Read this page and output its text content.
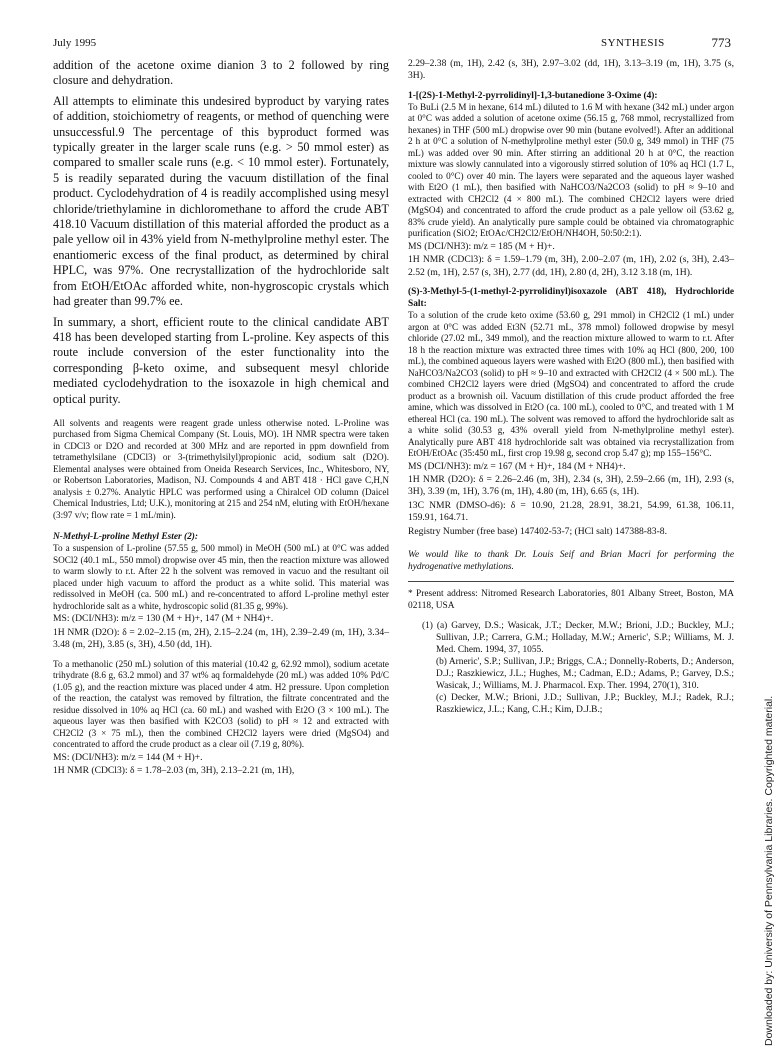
July 1995	SYNTHESIS	773

addition of the acetone oxime dianion 3 to 2 followed by ring closure and dehydration.

All attempts to eliminate this undesired byproduct by varying rates of addition, stoichiometry of reagents, or method of quenching were unsuccessful.9 The percentage of this byproduct formed was typically greater in the larger scale runs (e.g. > 50 mmol ester) as compared to smaller scale runs (e.g. < 10 mmol ester). Fortunately, 5 is readily separated during the vacuum distillation of the final product. Cyclodehydration of 4 is readily accomplished using mesyl chloride/triethylamine in dichloromethane to afford the crude ABT 418.10 Vacuum distillation of this material afforded the product as a pale yellow oil in 43% yield from N-methylproline methyl ester. The enantiomeric excess of the final product, as determined by chiral HPLC, was 97%. One recrystallization of the hydrochloride salt from EtOH/EtOAc afforded white, non-hygroscopic crystals which had greater than 99.7% ee.

In summary, a short, efficient route to the clinical candidate ABT 418 has been developed starting from L-proline. Key aspects of this route include conversion of the ester functionality into the corresponding β-keto oxime, and subsequent mesyl chloride mediated cyclodehydration to the isoxazole in high chemical and optical purity.

All solvents and reagents were reagent grade unless otherwise noted. L-Proline was purchased from Sigma Chemical Company (St. Louis, MO). 1H NMR spectra were taken in CDCl3 or D2O and recorded at 300 MHz and are reported in ppm downfield from tetramethylsilane (CDCl3) or 3-(trimethylsilyl)propionic acid, sodium salt (D2O). Elemental analyses were obtained from Oneida Research Services, Inc., Whitesboro, NY, or Robertson Laboratories, Madison, NJ. Compounds 4 and ABT 418 · HCl gave C,H,N analysis ± 0.27%. Analytic HPLC was performed using a Chiralcel OD column (Daicel Chemical Industries, Ltd; U.K.), monitoring at 215 and 254 nM, eluting with EtOH/hexane (3:97 v/v; flow rate = 1 mL/min).

N-Methyl-L-proline Methyl Ester (2):

To a suspension of L-proline (57.55 g, 500 mmol) in MeOH (500 mL) at 0°C was added SOCl2 (40.1 mL, 550 mmol) dropwise over 45 min, then the reaction mixture was allowed to warm slowly to r.t. After 22 h the solvent was removed in vacuo and the resultant oil placed under high vacuum to afford the product as a white solid. This material was redissolved in MeOH (ca. 500 mL) and re-concentrated to afford L-proline methyl ester hydrochloride salt as a white, hydroscopic solid (81.35 g, 99%).

MS: (DCI/NH3): m/z = 130 (M + H)+, 147 (M + NH4)+.

1H NMR (D2O): δ = 2.02–2.15 (m, 2H), 2.15–2.24 (m, 1H), 2.39–2.49 (m, 1H), 3.34–3.48 (m, 2H), 3.85 (s, 3H), 4.50 (dd, 1H).

To a methanolic (250 mL) solution of this material (10.42 g, 62.92 mmol), sodium acetate trihydrate (8.6 g, 63.2 mmol) and 37 wt% aq formaldehyde (20 mL) was added 10% Pd/C (1.05 g), and the reaction mixture was placed under 4 atm. H2 pressure. Upon completion of the reaction, the catalyst was removed by filtration, the filtrate concentrated and the residue dissolved in 10% aq HCl (ca. 60 mL) and washed with Et2O (3 × 100 mL). The aqueous layer was then basified with K2CO3 (solid) to pH ≈ 12 and extracted with CH2Cl2 (3 × 75 mL), then the combined CH2Cl2 layers were dried (MgSO4) and concentrated to afford the crude product as a clear oil (7.19 g, 80%).

MS: (DCI/NH3): m/z = 144 (M + H)+.

1H NMR (CDCl3): δ = 1.78–2.03 (m, 3H), 2.13–2.21 (m, 1H),

2.29–2.38 (m, 1H), 2.42 (s, 3H), 2.97–3.02 (dd, 1H), 3.13–3.19 (m, 1H), 3.75 (s, 3H).

1-[(2S)-1-Methyl-2-pyrrolidinyl]-1,3-butanedione 3-Oxime (4):

To BuLi (2.5 M in hexane, 614 mL) diluted to 1.6 M with hexane (342 mL) under argon at 0°C was added a solution of acetone oxime (56.15 g, 768 mmol, recrystallized from hexanes) in THF (500 mL) dropwise over 90 min (butane evolved!). After an additional 2 h at 0°C a solution of N-methylproline methyl ester (50.0 g, 349 mmol) in THF (75 mL) was added over 90 min. After stirring an additional 20 h at 0°C, the reaction mixture was slowly cannulated into a vigorously stirred solution of 10% aq HCl (1.7 L, cooled to 0°C) over 40 min. The layers were separated and the aqueous layer washed with Et2O (1 mL), then basified with NaHCO3/Na2CO3 (solid) to pH ≈ 9–10 and extracted with CH2Cl2 (4 × 800 mL). The combined CH2Cl2 layers were dried (MgSO4) and concentrated to afford the crude product as a pale yellow oil (53.62 g, 83% crude yield). An analytically pure sample could be obtained via chromatographic purification (SiO2; EtOAc/CH2Cl2/EtOH/NH4OH, 50:50:2:1).

MS (DCI/NH3): m/z = 185 (M + H)+.

1H NMR (CDCl3): δ = 1.59–1.79 (m, 3H), 2.00–2.07 (m, 1H), 2.02 (s, 3H), 2.43–2.52 (m, 1H), 2.57 (s, 3H), 2.77 (dd, 1H), 2.80 (d, 2H), 3.12 3.18 (m, 1H).

(S)-3-Methyl-5-(1-methyl-2-pyrrolidinyl)isoxazole (ABT 418), Hydrochloride Salt:

To a solution of the crude keto oxime (53.60 g, 291 mmol) in CH2Cl2 (1 mL) under argon at 0°C was added Et3N (52.71 mL, 378 mmol) followed dropwise by mesyl chloride (27.02 mL, 349 mmol), and the reaction mixture allowed to warm to r.t. After 18 h the reaction mixture was extracted three times with 10% aq HCl (800, 200, 100 mL), the combined aqueous layers were washed with Et2O (800 mL), then basified with NaHCO3/Na2CO3 (solid) to pH ≈ 9–10 and extracted with CH2Cl2 (4 × 500 mL). The combined CH2Cl2 layers were dried (MgSO4) and concentrated to afford the crude product as a brownish oil. Vacuum distillation of this crude product afforded the free amine, which was dissolved in Et2O (ca. 100 mL), cooled to 0°C, and treated with 1 M ethereal HCl (ca. 190 mL). The solvent was removed to afford the hydrochloride salt as a white solid (30.53 g, 43% overall yield from N-methylproline methyl ester). Analytically pure ABT 418 hydrochloride salt was obtained via recrystallization from EtOH/EtOAc (35:450 mL, first crop 19.98 g, second crop 5.47 g); mp 155–156°C.

MS (DCI/NH3): m/z = 167 (M + H)+, 184 (M + NH4)+.

1H NMR (D2O): δ = 2.26–2.46 (m, 3H), 2.34 (s, 3H), 2.59–2.66 (m, 1H), 2.93 (s, 3H), 3.39 (m, 1H), 3.76 (m, 1H), 4.80 (m, 1H), 6.65 (s, 1H).

13C NMR (DMSO-d6): δ = 10.90, 21.28, 28.91, 38.21, 54.99, 61.38, 106.11, 159.91, 164.71.

Registry Number (free base) 147402-53-7; (HCl salt) 147388-83-8.

We would like to thank Dr. Louis Seif and Brian Macri for performing the hydrogenative methylations.

* Present address: Nitromed Research Laboratories, 801 Albany Street, Boston, MA 02118, USA

(1) (a) Garvey, D.S.; Wasicak, J.T.; Decker, M.W.; Brioni, J.D.; Buckley, M.J.; Sullivan, J.P.; Carrera, G.M.; Holladay, M.W.; Arneric', S.P.; Williams, M. J. Med. Chem. 1994, 37, 1055.

(b) Arneric', S.P.; Sullivan, J.P.; Briggs, C.A.; Donnelly-Roberts, D.; Anderson, D.J.; Raszkiewicz, J.L.; Hughes, M.; Cadman, E.D.; Adams, P.; Garvey, D.S.; Wasicak, J.; Williams, M. J. Pharmacol. Exp. Ther. 1994, 270(1), 310.

(c) Decker, M.W.; Brioni, J.D.; Sullivan, J.P.; Buckley, M.J.; Radek, R.J.; Raszkiewicz, J.L.; Kang, C.H.; Kim, D.J.B.;	Downloaded by: University of Pennsylvania Libraries. Copyrighted material.
